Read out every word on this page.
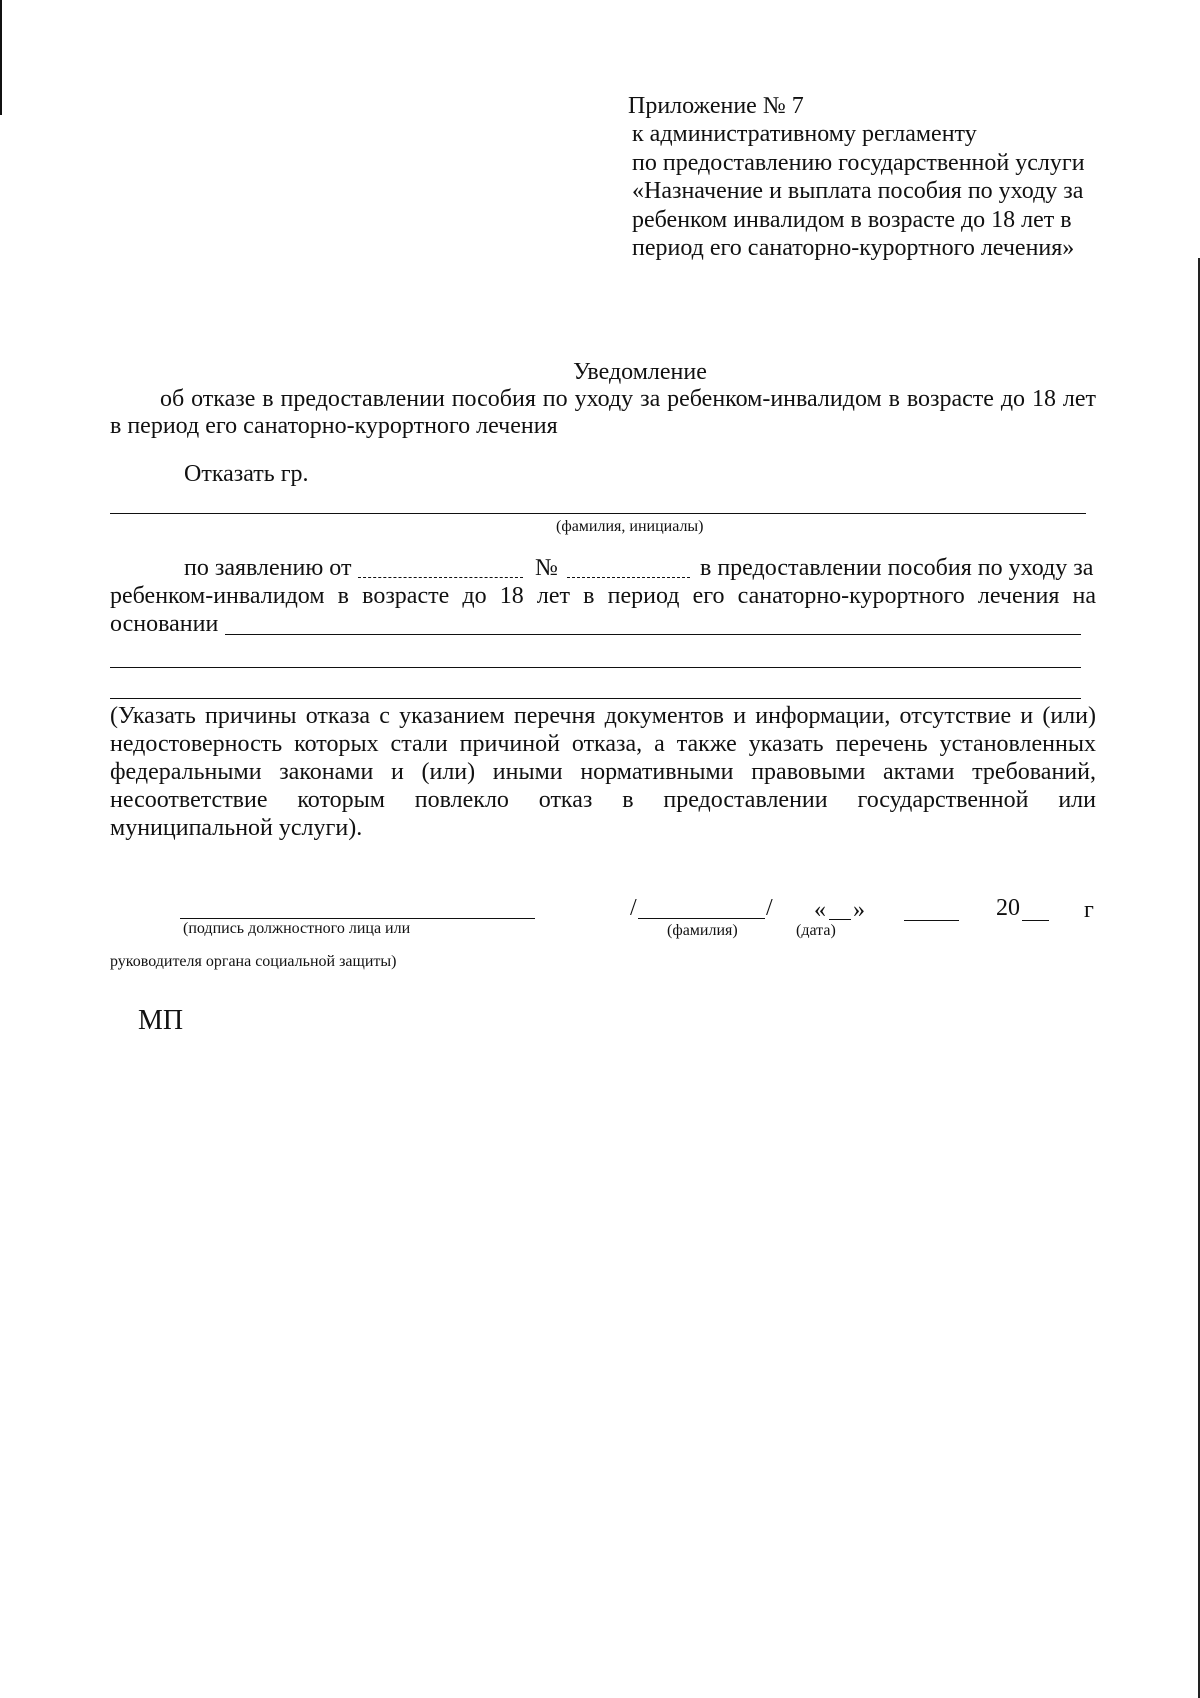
Приложение № 7
к административному регламенту
по предоставлению государственной услуги
«Назначение и выплата пособия по уходу за
ребенком инвалидом в возрасте до 18 лет в
период его санаторно-курортного лечения»
Уведомление

об отказе в предоставлении пособия по уходу за ребенком-инвалидом в возрасте до 18 лет в период его санаторно-курортного лечения

Отказать гр.
(фамилия, инициалы)
по заявлению от	№	в предоставлении пособия по уходу за
ребенком-инвалидом в возрасте до 18 лет в период его санаторно-курортного лечения на
основании

(Указать причины отказа с указанием перечня документов и информации, отсутствие и (или) недостоверность которых стали причиной отказа, а также указать перечень установленных федеральными законами и (или) иными нормативными правовыми актами требований, несоответствие которым повлекло отказ в предоставлении государственной или муниципальной услуги).

/	/ « »	20	г
(подпись должностного лица или	(фамилия)	(дата)
руководителя органа социальной защиты)
МП
